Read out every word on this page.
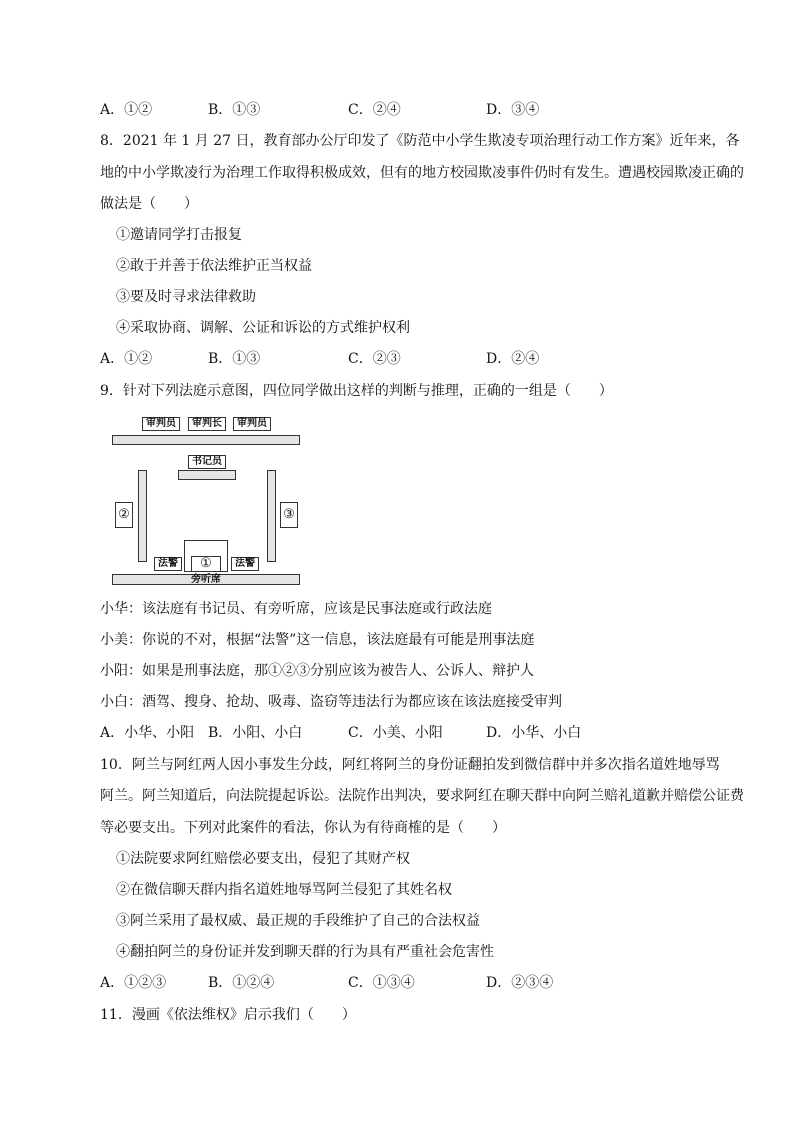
A．①②	B．①③	C．②④	D．③④
8．2021 年 1 月 27 日，教育部办公厅印发了《防范中小学生欺凌专项治理行动工作方案》近年来，各
地的中小学欺凌行为治理工作取得积极成效，但有的地方校园欺凌事件仍时有发生。遭遇校园欺凌正确的
做法是（　　）
①邀请同学打击报复
②敢于并善于依法维护正当权益
③要及时寻求法律救助
④采取协商、调解、公证和诉讼的方式维护权利
A．①②	B．①③	C．②③	D．②④
9．针对下列法庭示意图，四位同学做出这样的判断与推理，正确的一组是（　　）
审判员	审判长	审判员
书记员
②	③
①
法警	法警
旁听席
小华：该法庭有书记员、有旁听席，应该是民事法庭或行政法庭
小美：你说的不对，根据“法警”这一信息，该法庭最有可能是刑事法庭
小阳：如果是刑事法庭，那①②③分别应该为被告人、公诉人、辩护人
小白：酒驾、搜身、抢劫、吸毒、盗窃等违法行为都应该在该法庭接受审判
A．小华、小阳 B．小阳、小白	C．小美、小阳	D．小华、小白
10．阿兰与阿红两人因小事发生分歧，阿红将阿兰的身份证翻拍发到微信群中并多次指名道姓地辱骂
阿兰。阿兰知道后，向法院提起诉讼。法院作出判决，要求阿红在聊天群中向阿兰赔礼道歉并赔偿公证费
等必要支出。下列对此案件的看法，你认为有待商榷的是（　　）
①法院要求阿红赔偿必要支出，侵犯了其财产权
②在微信聊天群内指名道姓地辱骂阿兰侵犯了其姓名权
③阿兰采用了最权威、最正规的手段维护了自己的合法权益
④翻拍阿兰的身份证并发到聊天群的行为具有严重社会危害性
A．①②③	B．①②④	C．①③④	D．②③④
11．漫画《依法维权》启示我们（　　）
